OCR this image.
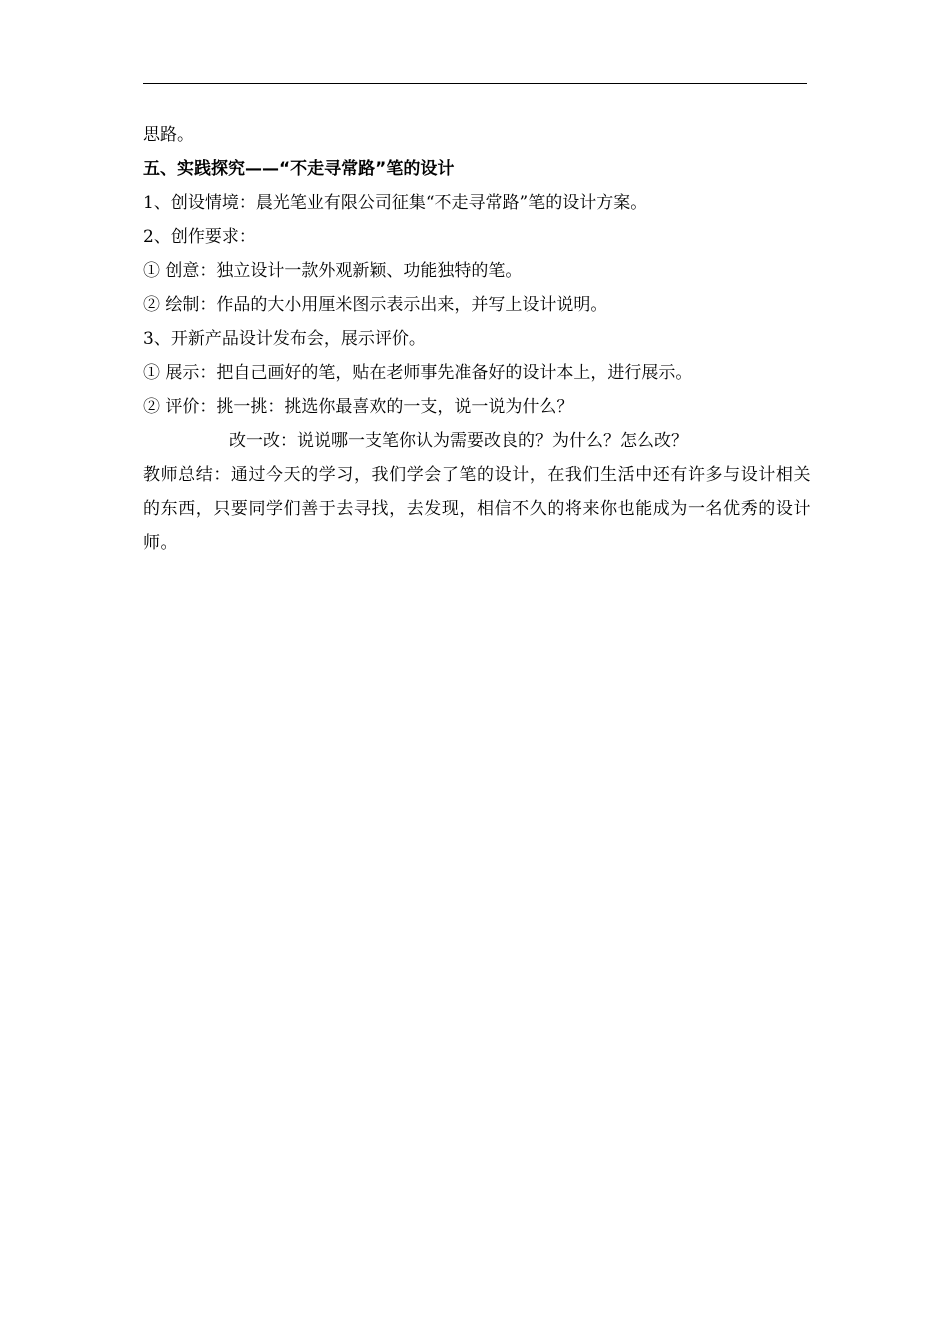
思路。

五、实践探究——“不走寻常路”笔的设计

1、创设情境：晨光笔业有限公司征集“不走寻常路”笔的设计方案。

2、创作要求：

① 创意：独立设计一款外观新颖、功能独特的笔。

② 绘制：作品的大小用厘米图示表示出来，并写上设计说明。

3、开新产品设计发布会，展示评价。

① 展示：把自己画好的笔，贴在老师事先准备好的设计本上，进行展示。

② 评价：挑一挑：挑选你最喜欢的一支，说一说为什么？

改一改：说说哪一支笔你认为需要改良的？为什么？怎么改？

教师总结：通过今天的学习，我们学会了笔的设计，在我们生活中还有许多与设计相关的东西，只要同学们善于去寻找，去发现，相信不久的将来你也能成为一名优秀的设计师。
